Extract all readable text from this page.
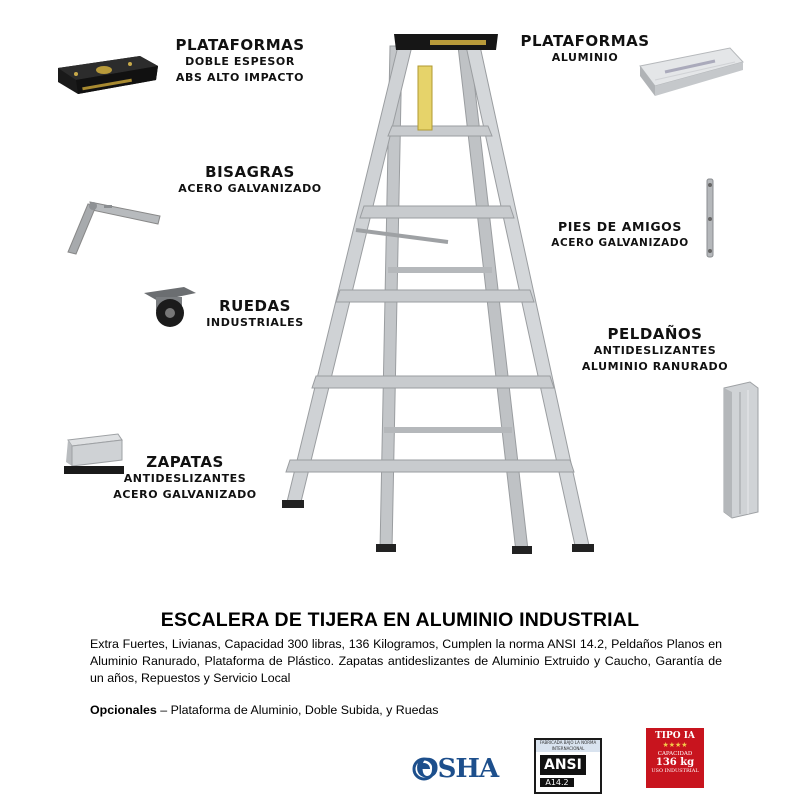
PLATAFORMAS
DOBLE ESPESOR
ABS ALTO IMPACTO
PLATAFORMAS
ALUMINIO
BISAGRAS
ACERO GALVANIZADO
PIES DE AMIGOS
ACERO GALVANIZADO
RUEDAS
INDUSTRIALES
PELDAÑOS
ANTIDESLIZANTES
ALUMINIO RANURADO
ZAPATAS
ANTIDESLIZANTES
ACERO GALVANIZADO
ESCALERA DE TIJERA EN ALUMINIO INDUSTRIAL
Extra Fuertes, Livianas, Capacidad 300 libras, 136 Kilogramos, Cumplen la norma ANSI 14.2, Peldaños Planos en Aluminio Ranurado, Plataforma de Plástico. Zapatas antideslizantes de Aluminio Extruido y Caucho, Garantía de un años, Repuestos y Servicio Local
Opcionales – Plataforma de Aluminio, Doble Subida, y Ruedas
OSHA
FABRICADA BAJO LA NORMA INTERNACIONAL
ANSI
A14.2
TIPO IA
★★★★
CAPACIDAD
136 kg
USO INDUSTRIAL
